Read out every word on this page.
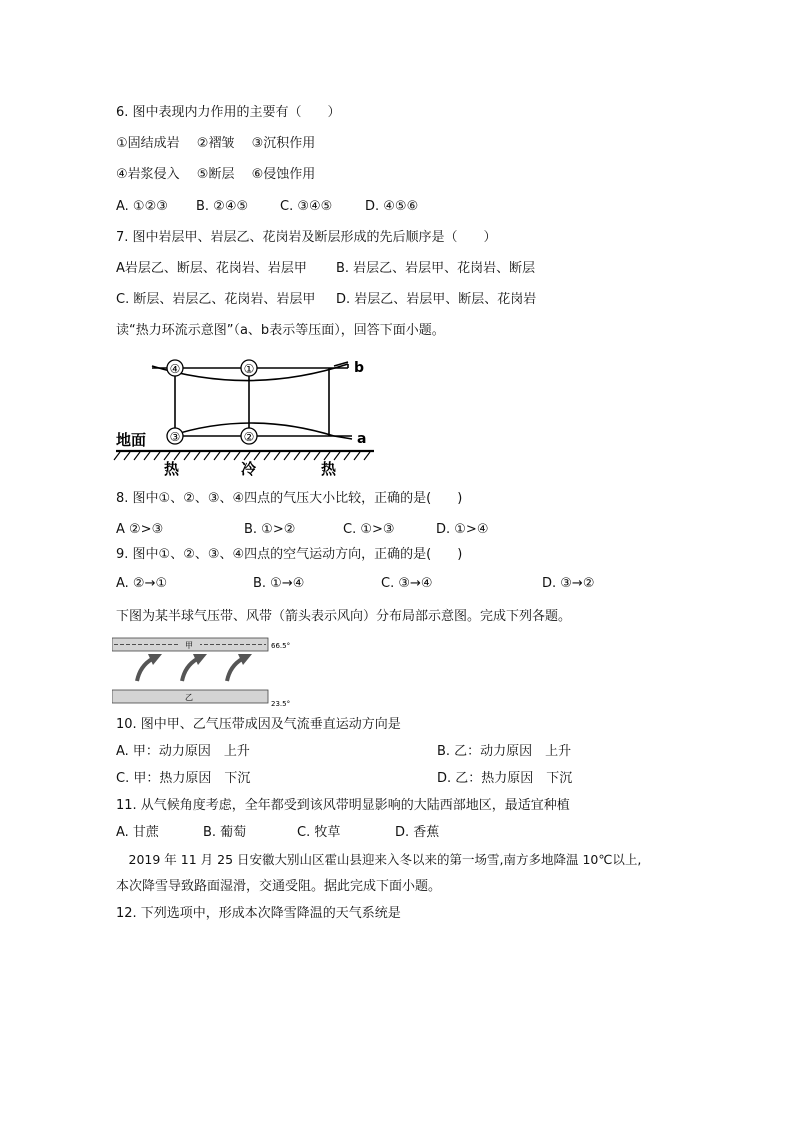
6. 图中表现内力作用的主要有（　　）
①固结成岩　 ②褶皱　 ③沉积作用
④岩浆侵入　 ⑤断层　 ⑥侵蚀作用
A. ①②③ B. ②④⑤ C. ③④⑤	D. ④⑤⑥
7. 图中岩层甲、岩层乙、花岗岩及断层形成的先后顺序是（　　）
A岩层乙、断层、花岗岩、岩层甲 B. 岩层乙、岩层甲、花岗岩、断层
C. 断层、岩层乙、花岗岩、岩层甲 D. 岩层乙、岩层甲、断层、花岗岩
读“热力环流示意图”（a、b表示等压面），回答下面小题。
④	①
③	②
b
a
地面
热	冷	热
8. 图中①、②、③、④四点的气压大小比较，正确的是(　　)
A ②>③	B. ①>②	C. ①>③	D. ①>④
9. 图中①、②、③、④四点的空气运动方向，正确的是(　　)
A. ②→①	B. ①→④	C. ③→④	D. ③→②
下图为某半球气压带、风带（箭头表示风向）分布局部示意图。完成下列各题。
甲	66.5°
乙
23.5°
10. 图中甲、乙气压带成因及气流垂直运动方向是
A. 甲：动力原因　上升	B. 乙：动力原因　上升
C. 甲：热力原因　下沉	D. 乙：热力原因　下沉
11. 从气候角度考虑，全年都受到该风带明显影响的大陆西部地区，最适宜种植
A. 甘蔗	B. 葡萄	C. 牧草	D. 香蕉
　2019 年 11 月 25 日安徽大别山区霍山县迎来入冬以来的第一场雪,南方多地降温 10℃以上,
本次降雪导致路面湿滑，交通受阻。据此完成下面小题。
12. 下列选项中，形成本次降雪降温的天气系统是
